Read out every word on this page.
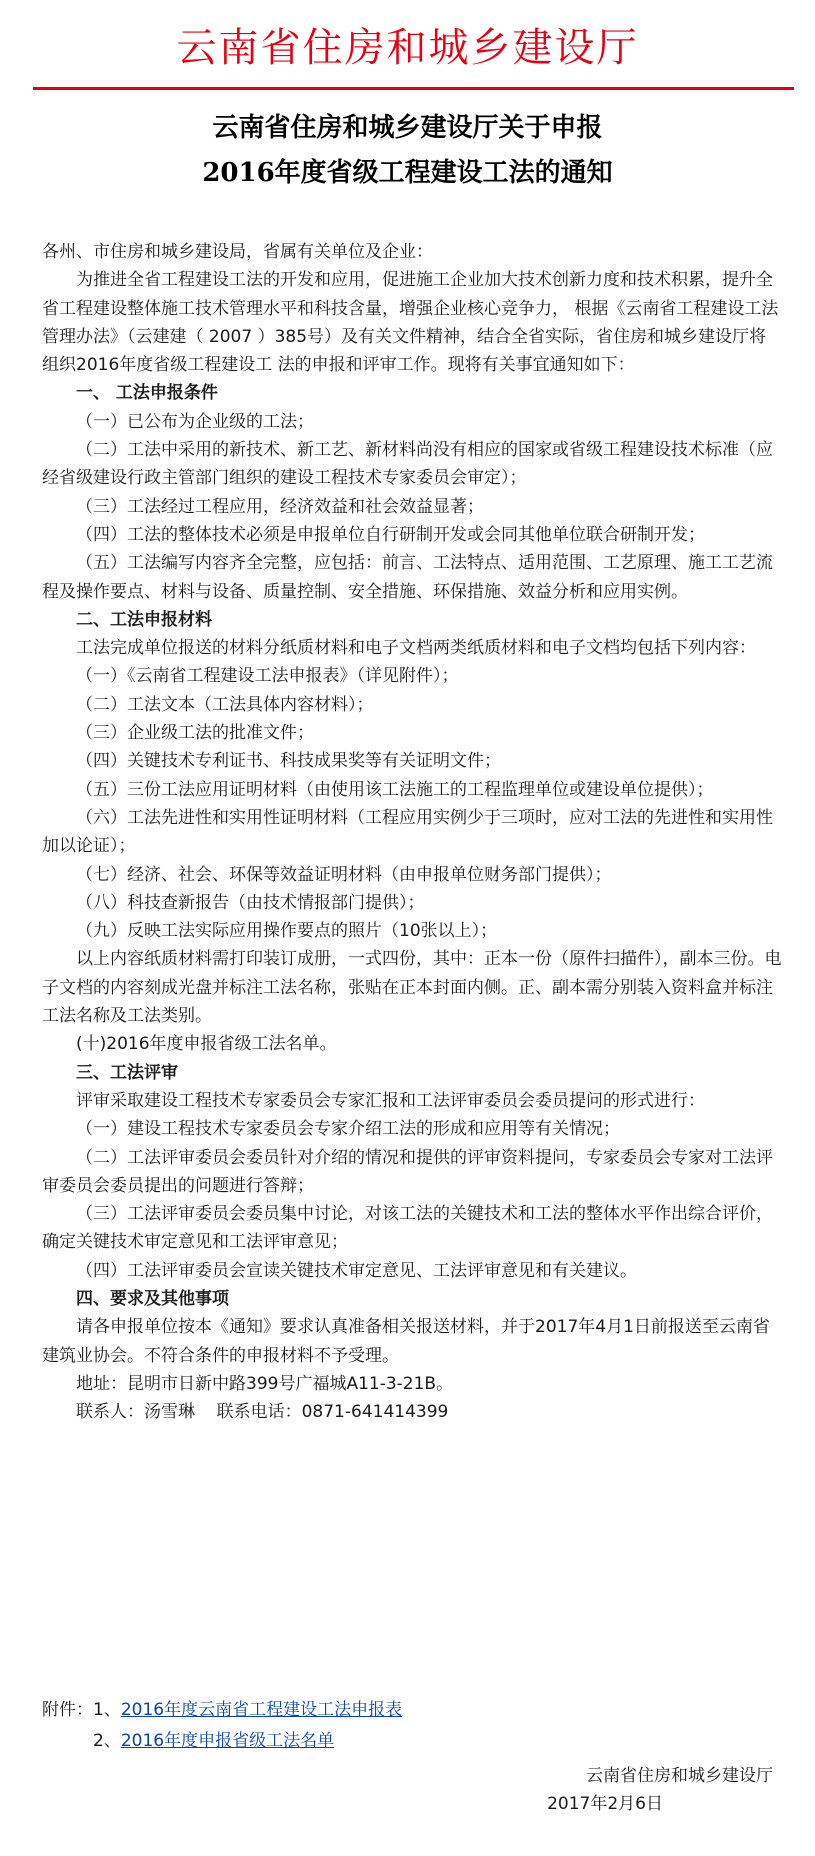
云南省住房和城乡建设厅
云南省住房和城乡建设厅关于申报
2016年度省级工程建设工法的通知

各州、市住房和城乡建设局，省属有关单位及企业：

为推进全省工程建设工法的开发和应用，促进施工企业加大技术创新力度和技术积累，提升全省工程建设整体施工技术管理水平和科技含量，增强企业核心竞争力， 根据《云南省工程建设工法管理办法》（云建建（ 2007 ）385号）及有关文件精神，结合全省实际，省住房和城乡建设厅将组织2016年度省级工程建设工 法的申报和评审工作。现将有关事宜通知如下：

一、 工法申报条件

（一）已公布为企业级的工法；

（二）工法中采用的新技术、新工艺、新材料尚没有相应的国家或省级工程建设技术标准（应经省级建设行政主管部门组织的建设工程技术专家委员会审定）；

（三）工法经过工程应用，经济效益和社会效益显著；

（四）工法的整体技术必须是申报单位自行研制开发或会同其他单位联合研制开发；

（五）工法编写内容齐全完整，应包括：前言、工法特点、适用范围、工艺原理、施工工艺流程及操作要点、材料与设备、质量控制、安全措施、环保措施、效益分析和应用实例。

二、工法申报材料

工法完成单位报送的材料分纸质材料和电子文档两类纸质材料和电子文档均包括下列内容：

（一）《云南省工程建设工法申报表》（详见附件）；

（二）工法文本（工法具体内容材料）；

（三）企业级工法的批准文件；

（四）关键技术专利证书、科技成果奖等有关证明文件；

（五）三份工法应用证明材料（由使用该工法施工的工程监理单位或建设单位提供）；

（六）工法先进性和实用性证明材料（工程应用实例少于三项时，应对工法的先进性和实用性加以论证）；

（七）经济、社会、环保等效益证明材料（由申报单位财务部门提供）；

（八）科技查新报告（由技术情报部门提供）；

（九）反映工法实际应用操作要点的照片（10张以上）；

以上内容纸质材料需打印装订成册，一式四份，其中：正本一份（原件扫描件），副本三份。电子文档的内容刻成光盘并标注工法名称，张贴在正本封面内侧。正、副本需分别装入资料盒并标注工法名称及工法类别。

(十)2016年度申报省级工法名单。

三、工法评审

评审采取建设工程技术专家委员会专家汇报和工法评审委员会委员提问的形式进行：

（一）建设工程技术专家委员会专家介绍工法的形成和应用等有关情况；

（二）工法评审委员会委员针对介绍的情况和提供的评审资料提问，专家委员会专家对工法评审委员会委员提出的问题进行答辩；

（三）工法评审委员会委员集中讨论，对该工法的关键技术和工法的整体水平作出综合评价，确定关键技术审定意见和工法评审意见；

（四）工法评审委员会宣读关键技术审定意见、工法评审意见和有关建议。

四、要求及其他事项

请各申报单位按本《通知》要求认真准备相关报送材料，并于2017年4月1日前报送至云南省建筑业协会。不符合条件的申报材料不予受理。

地址：昆明市日新中路399号广福城A11-3-21B。

联系人：汤雪琳    联系电话：0871-641414399

附件：1、2016年度云南省工程建设工法申报表
2、2016年度申报省级工法名单
云南省住房和城乡建设厅
2017年2月6日
